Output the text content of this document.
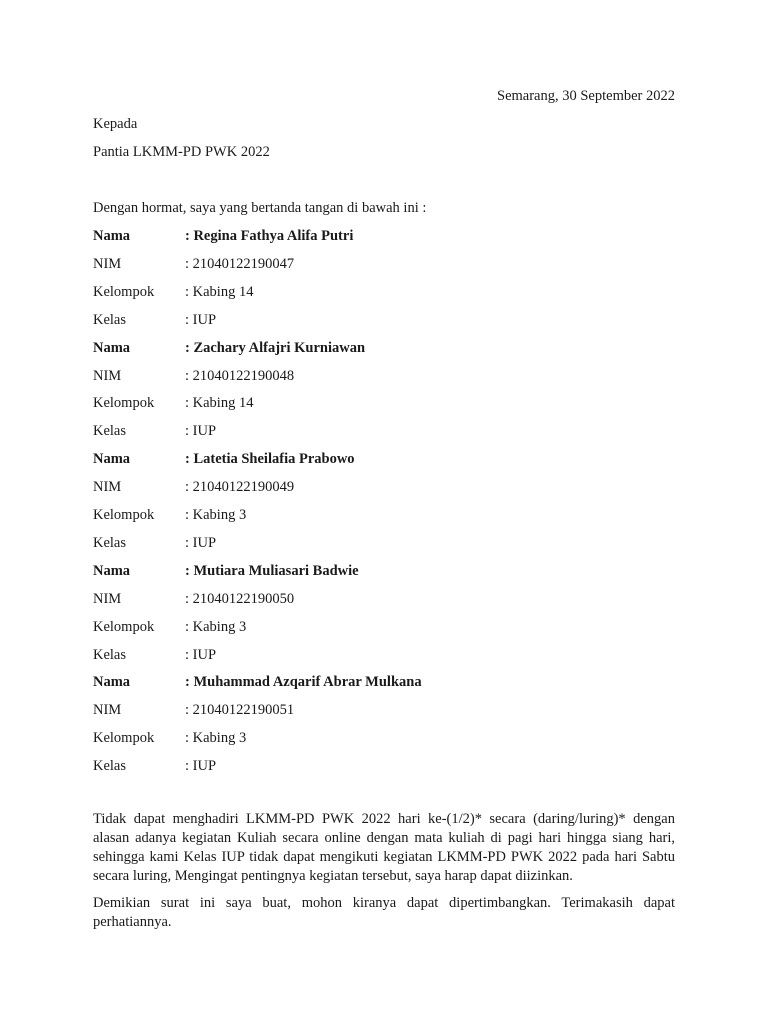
Semarang, 30 September 2022
Kepada
Pantia LKMM-PD PWK 2022
Dengan hormat, saya yang bertanda tangan di bawah ini :
Nama	: Regina Fathya Alifa Putri
NIM	: 21040122190047
Kelompok : Kabing 14
Kelas	: IUP
Nama	: Zachary Alfajri Kurniawan
NIM	: 21040122190048
Kelompok : Kabing 14
Kelas	: IUP
Nama	: Latetia Sheilafia Prabowo
NIM	: 21040122190049
Kelompok : Kabing 3
Kelas	: IUP
Nama	: Mutiara Muliasari Badwie
NIM	: 21040122190050
Kelompok : Kabing 3
Kelas	: IUP
Nama	: Muhammad Azqarif Abrar Mulkana
NIM	: 21040122190051
Kelompok : Kabing 3
Kelas	: IUP
Tidak dapat menghadiri LKMM-PD PWK 2022 hari ke-(1/2)* secara (daring/luring)* dengan alasan adanya kegiatan Kuliah secara online dengan mata kuliah di pagi hari hingga siang hari, sehingga kami Kelas IUP tidak dapat mengikuti kegiatan LKMM-PD PWK 2022 pada hari Sabtu secara luring, Mengingat pentingnya kegiatan tersebut, saya harap dapat diizinkan.
Demikian surat ini saya buat, mohon kiranya dapat dipertimbangkan. Terimakasih dapat perhatiannya.
